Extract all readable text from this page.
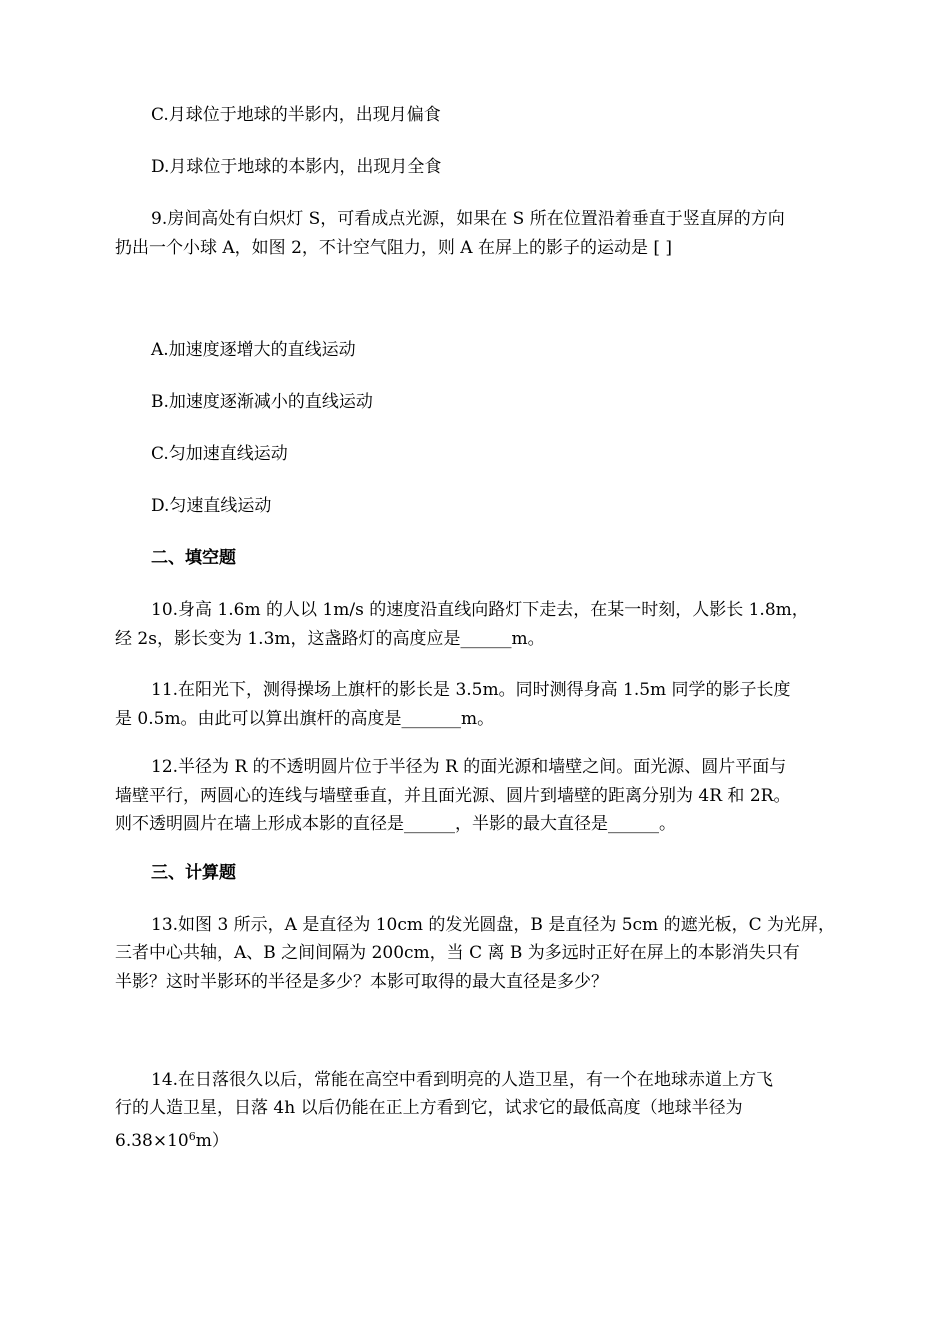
C.月球位于地球的半影内，出现月偏食
D.月球位于地球的本影内，出现月全食
9.房间高处有白炽灯 S，可看成点光源，如果在 S 所在位置沿着垂直于竖直屏的方向
扔出一个小球 A，如图 2，不计空气阻力，则 A 在屏上的影子的运动是 [ ]
A.加速度逐增大的直线运动
B.加速度逐渐减小的直线运动
C.匀加速直线运动
D.匀速直线运动
二、填空题
10.身高 1.6m 的人以 1m/s 的速度沿直线向路灯下走去，在某一时刻，人影长 1.8m，
经 2s，影长变为 1.3m，这盏路灯的高度应是______m。
11.在阳光下，测得操场上旗杆的影长是 3.5m。同时测得身高 1.5m 同学的影子长度
是 0.5m。由此可以算出旗杆的高度是_______m。
12.半径为 R 的不透明圆片位于半径为 R 的面光源和墙壁之间。面光源、圆片平面与
墙壁平行，两圆心的连线与墙壁垂直，并且面光源、圆片到墙壁的距离分别为 4R 和 2R。
则不透明圆片在墙上形成本影的直径是______，半影的最大直径是______。
三、计算题
13.如图 3 所示，A 是直径为 10cm 的发光圆盘，B 是直径为 5cm 的遮光板，C 为光屏，
三者中心共轴，A、B 之间间隔为 200cm，当 C 离 B 为多远时正好在屏上的本影消失只有
半影？这时半影环的半径是多少？本影可取得的最大直径是多少？
14.在日落很久以后，常能在高空中看到明亮的人造卫星，有一个在地球赤道上方飞
行的人造卫星，日落 4h 以后仍能在正上方看到它，试求它的最低高度（地球半径为
$6.38\times 10^6m$）
